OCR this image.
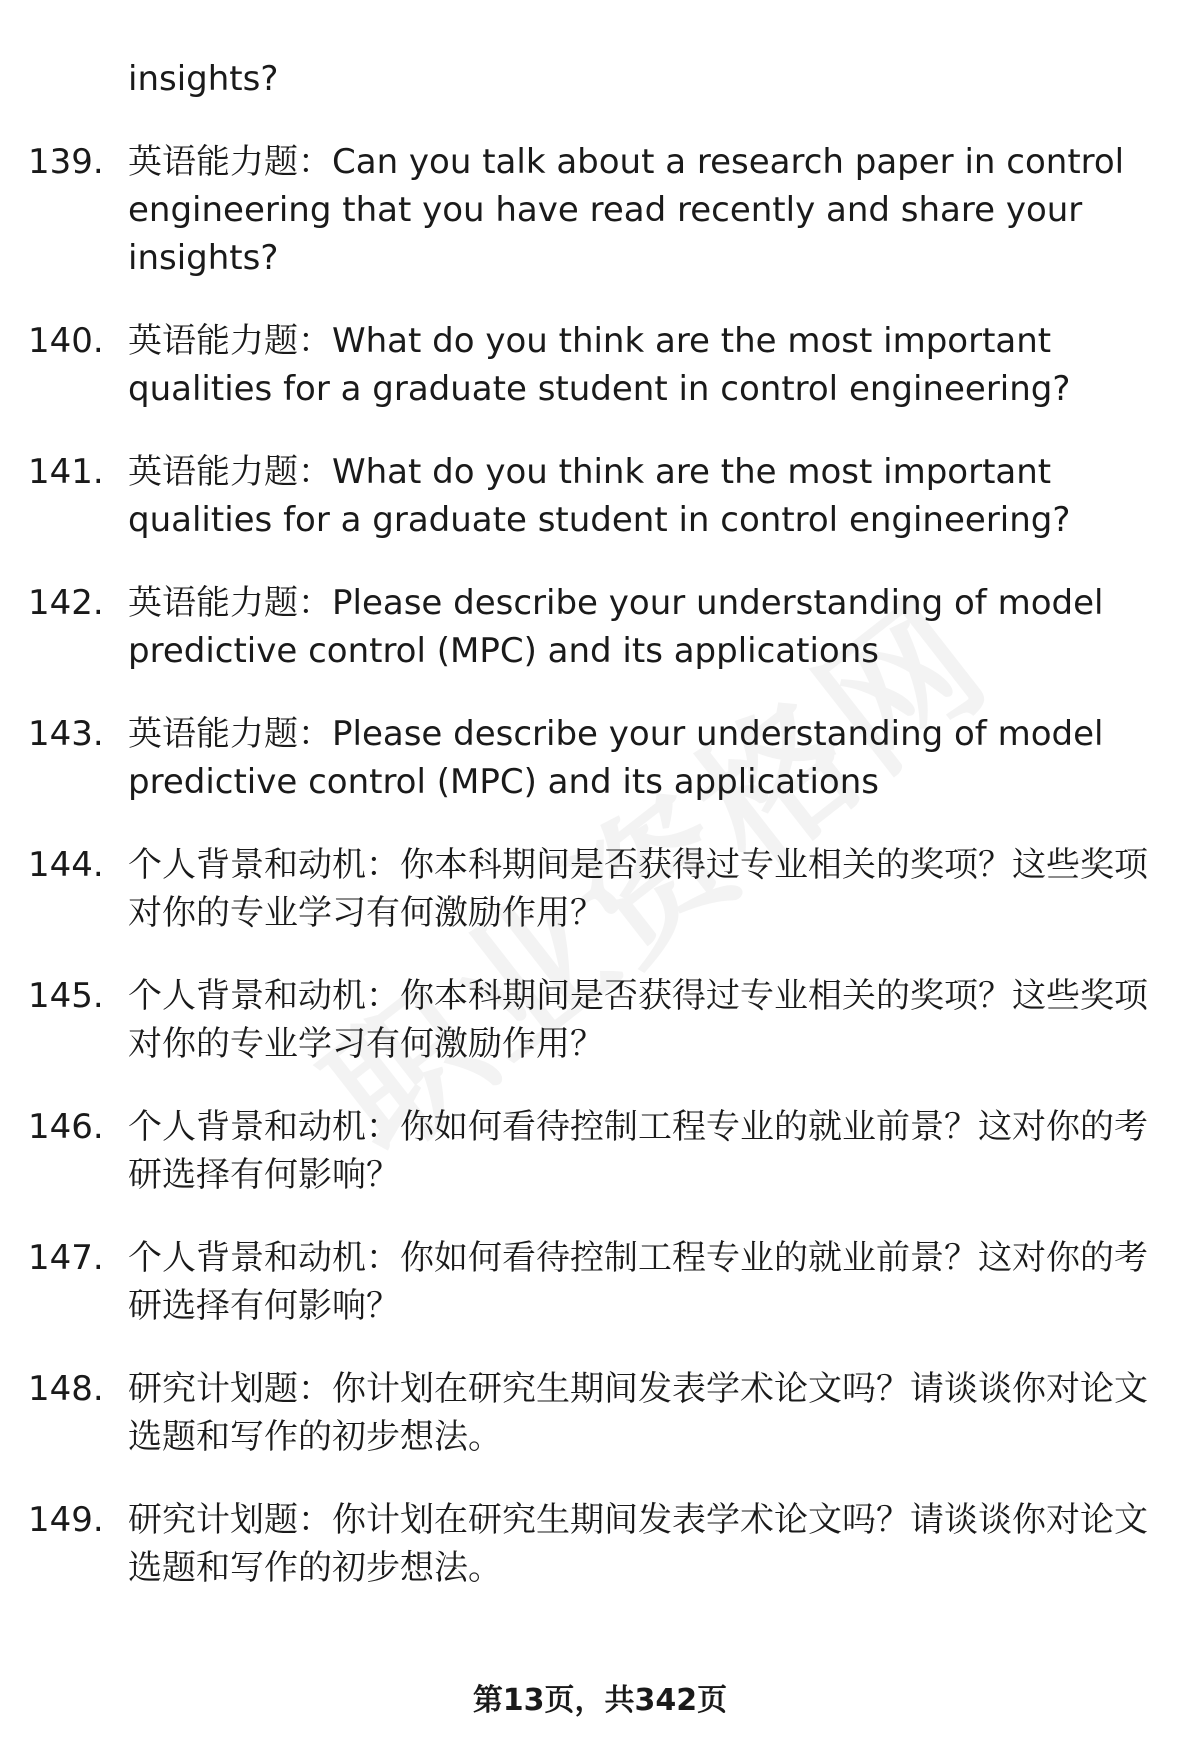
insights?
139. 英语能力题：Can you talk about a research paper in control engineering that you have read recently and share your insights?
140. 英语能力题：What do you think are the most important qualities for a graduate student in control engineering?
141. 英语能力题：What do you think are the most important qualities for a graduate student in control engineering?
142. 英语能力题：Please describe your understanding of model predictive control (MPC) and its applications
143. 英语能力题：Please describe your understanding of model predictive control (MPC) and its applications
144. 个人背景和动机：你本科期间是否获得过专业相关的奖项？这些奖项对你的专业学习有何激励作用？
145. 个人背景和动机：你本科期间是否获得过专业相关的奖项？这些奖项对你的专业学习有何激励作用？
146. 个人背景和动机：你如何看待控制工程专业的就业前景？这对你的考研选择有何影响？
147. 个人背景和动机：你如何看待控制工程专业的就业前景？这对你的考研选择有何影响？
148. 研究计划题：你计划在研究生期间发表学术论文吗？请谈谈你对论文选题和写作的初步想法。
149. 研究计划题：你计划在研究生期间发表学术论文吗？请谈谈你对论文选题和写作的初步想法。
第13页，共342页
